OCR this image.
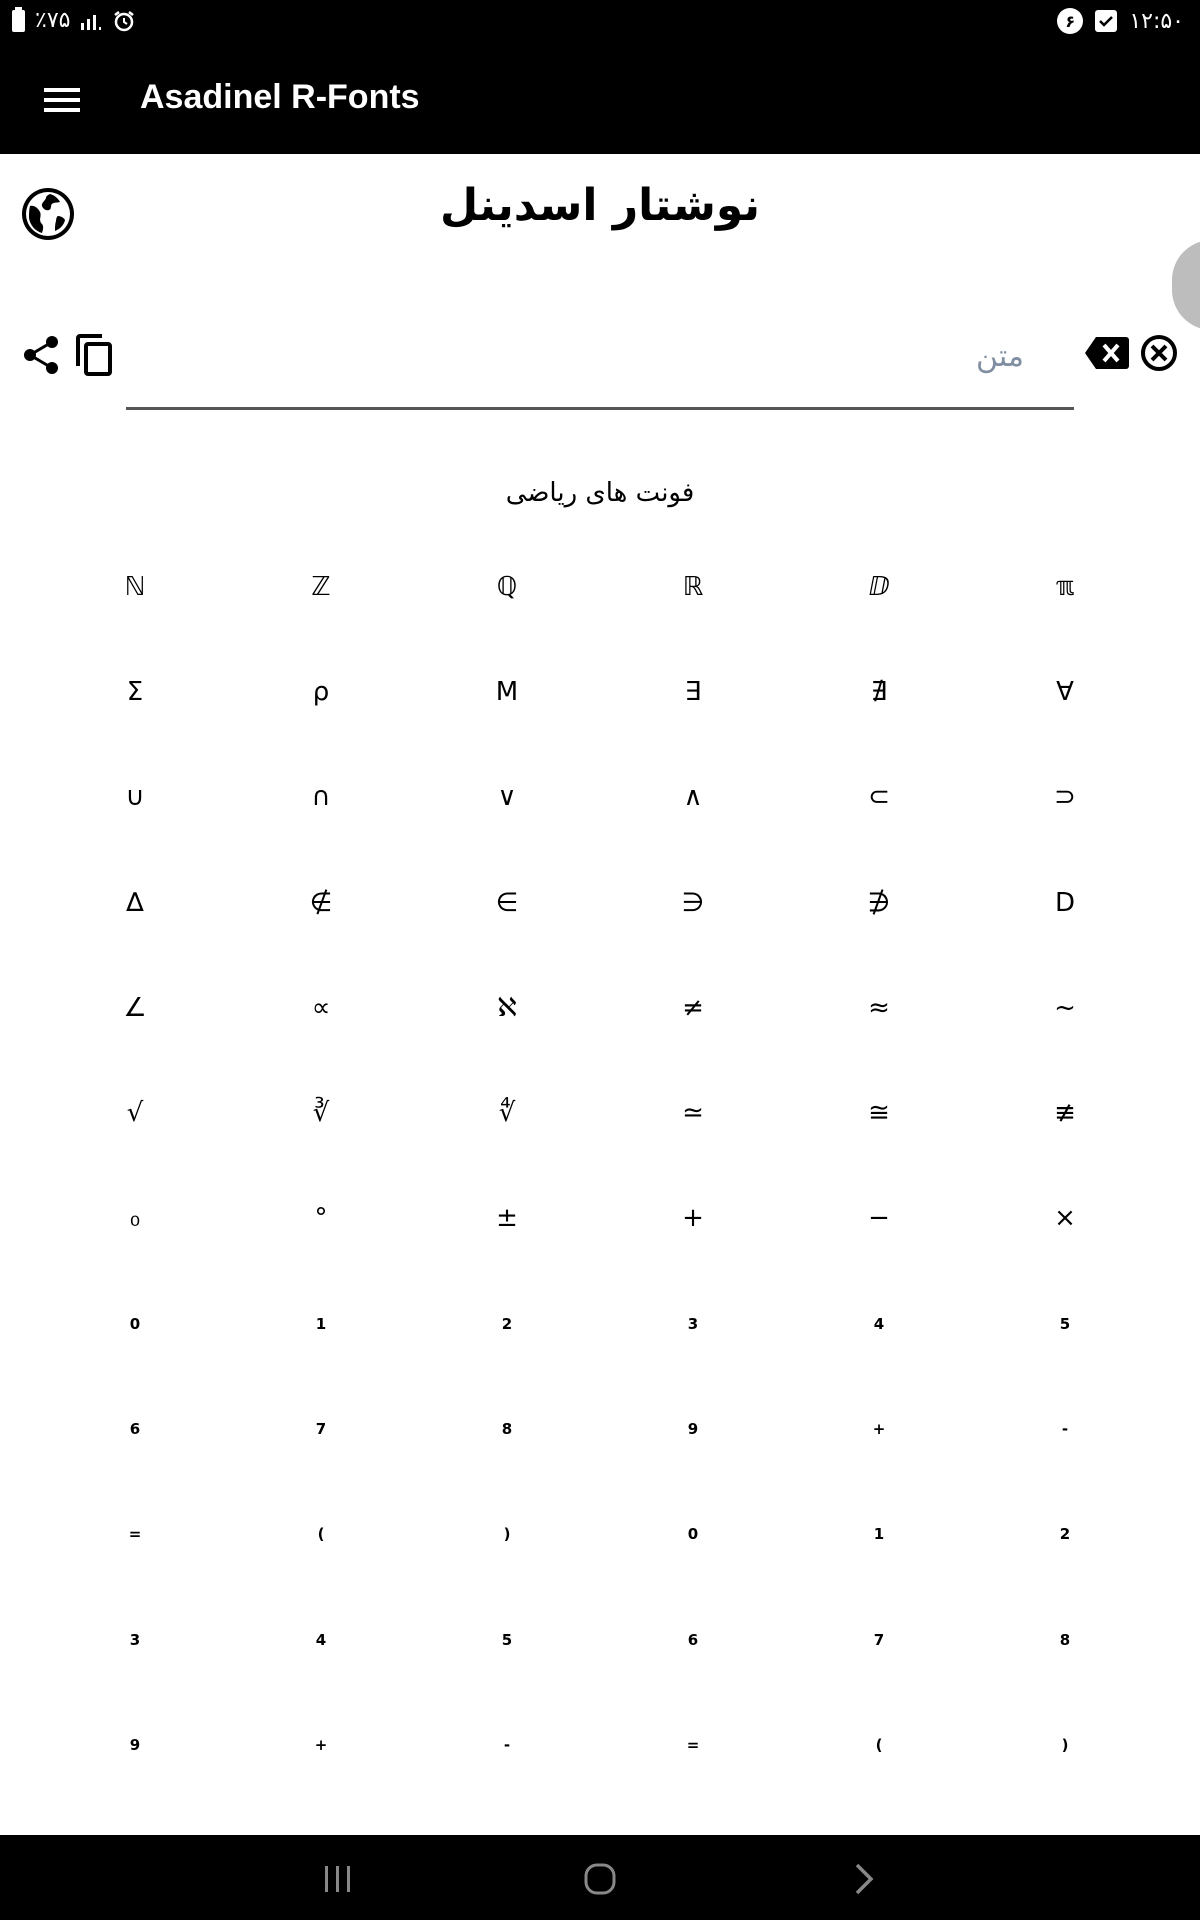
٪۷۵	۶	۱۲:۵۰
Asadinel R-Fonts
نوشتار اسدینل
متن
فونت های ریاضی
ℕ	ℤ	ℚ	ℝ	ⅅ	ℼ
Σ	ρ	M	∃	∄	∀
∪	∩	∨	∧	⊂	⊃
∆	∉	∈	∋	∌	D
∠	∝	ℵ	≠	≈	~
√	∛	∜	≃	≅	≢
₀	°	±	+	−	×
0	1	2	3	4	5
6	7	8	9	+	-
=	(	)	0	1	2
3	4	5	6	7	8
9	+	-	=	(	)
